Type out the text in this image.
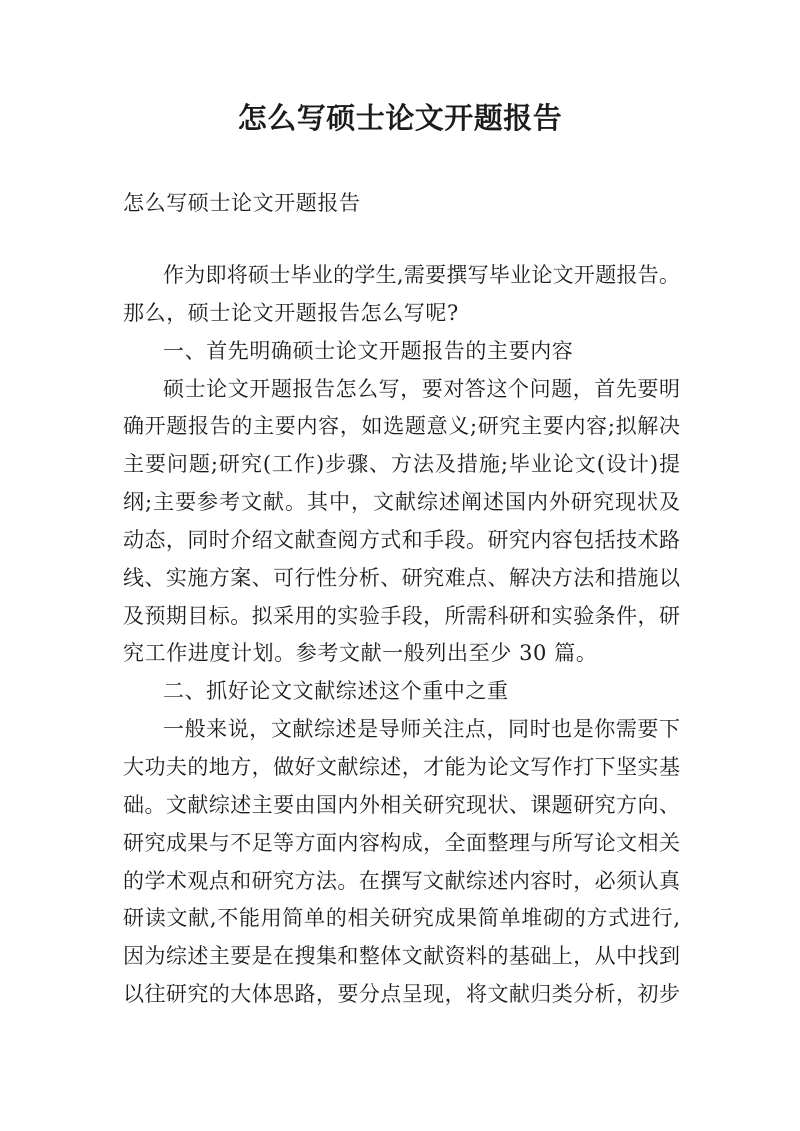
怎么写硕士论文开题报告
怎么写硕士论文开题报告
作为即将硕士毕业的学生,需要撰写毕业论文开题报告。
那么，硕士论文开题报告怎么写呢?
一、首先明确硕士论文开题报告的主要内容
硕士论文开题报告怎么写，要对答这个问题，首先要明
确开题报告的主要内容，如选题意义;研究主要内容;拟解决
主要问题;研究(工作)步骤、方法及措施;毕业论文(设计)提
纲;主要参考文献。其中，文献综述阐述国内外研究现状及
动态，同时介绍文献查阅方式和手段。研究内容包括技术路
线、实施方案、可行性分析、研究难点、解决方法和措施以
及预期目标。拟采用的实验手段，所需科研和实验条件，研
究工作进度计划。参考文献一般列出至少 30 篇。
二、抓好论文文献综述这个重中之重
一般来说，文献综述是导师关注点，同时也是你需要下
大功夫的地方，做好文献综述，才能为论文写作打下坚实基
础。文献综述主要由国内外相关研究现状、课题研究方向、
研究成果与不足等方面内容构成，全面整理与所写论文相关
的学术观点和研究方法。在撰写文献综述内容时，必须认真
研读文献,不能用简单的相关研究成果简单堆砌的方式进行,
因为综述主要是在搜集和整体文献资料的基础上，从中找到
以往研究的大体思路，要分点呈现，将文献归类分析，初步
